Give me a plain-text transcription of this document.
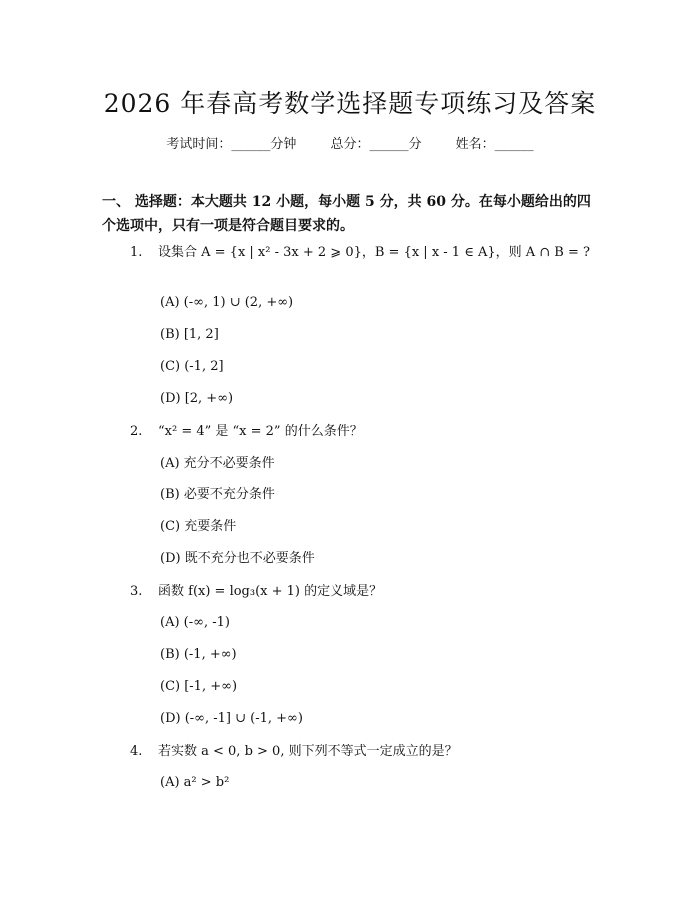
2026 年春高考数学选择题专项练习及答案
考试时间：______分钟	总分：______分	姓名：______

一、 选择题：本大题共 12 小题，每小题 5 分，共 60 分。在每小题给出的四个选项中，只有一项是符合题目要求的。

1. 设集合 A = {x | x² - 3x + 2 ⩾ 0}，B = {x | x - 1 ∈ A}，则 A ∩ B = ?

(A) (-∞, 1) ∪ (2, +∞)

(B) [1, 2]

(C) (-1, 2]

(D) [2, +∞)

2. “x² = 4” 是 “x = 2” 的什么条件？

(A) 充分不必要条件

(B) 必要不充分条件

(C) 充要条件

(D) 既不充分也不必要条件

3. 函数 f(x) = log₃(x + 1) 的定义域是？

(A) (-∞, -1)

(B) (-1, +∞)

(C) [-1, +∞)

(D) (-∞, -1] ∪ (-1, +∞)

4. 若实数 a < 0, b > 0, 则下列不等式一定成立的是？

(A) a² > b²
